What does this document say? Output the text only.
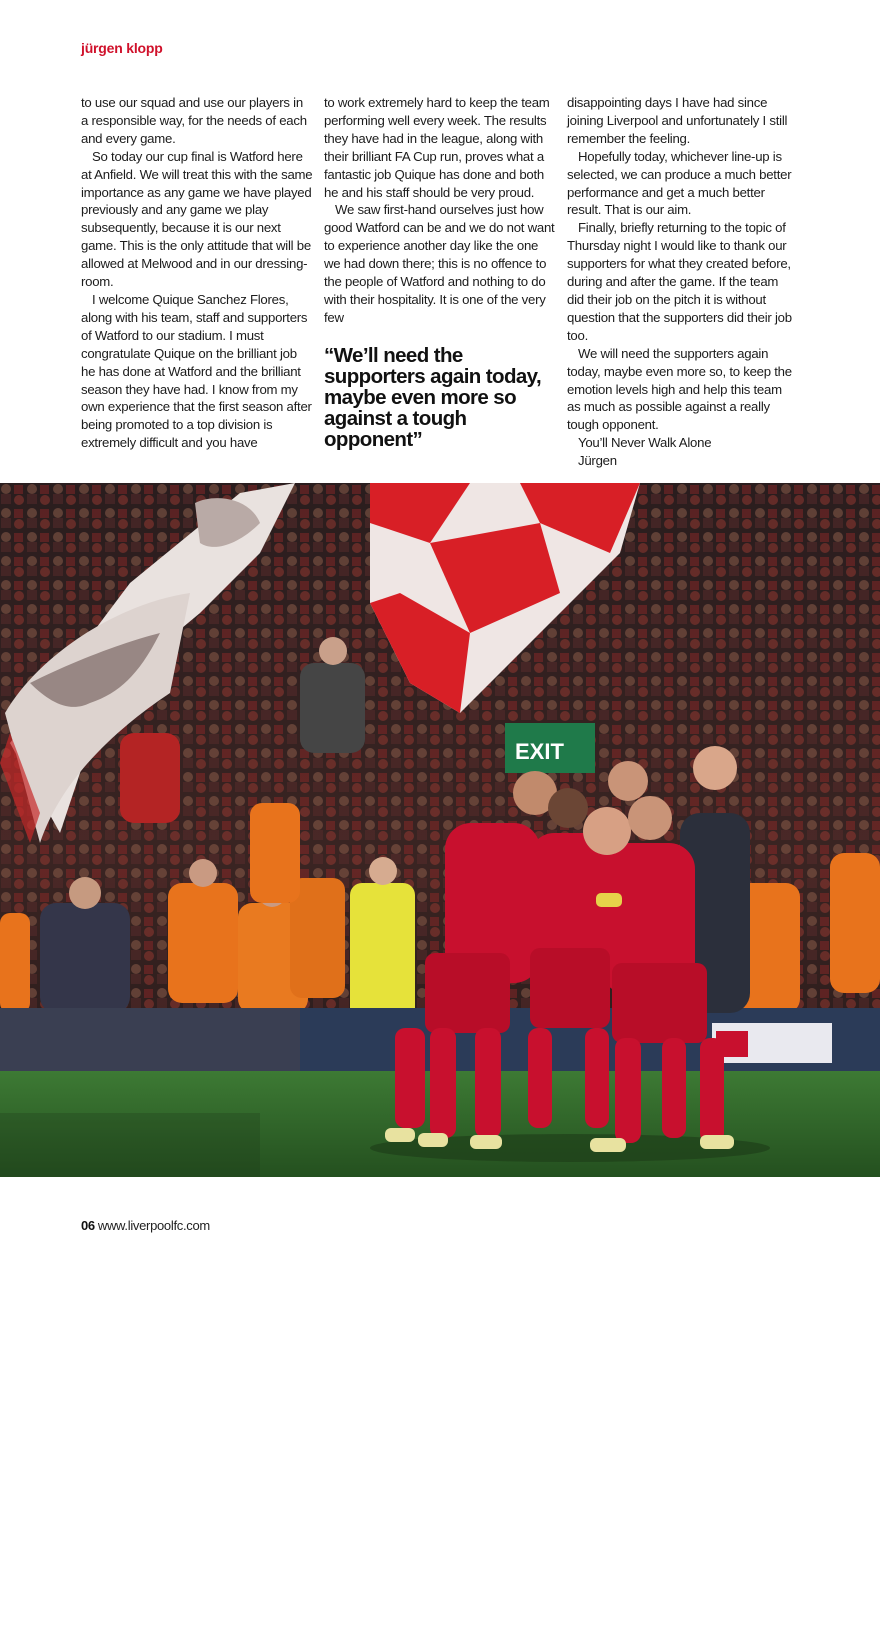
jürgen klopp

to use our squad and use our players in a responsible way, for the needs of each and every game.

So today our cup final is Watford here at Anfield. We will treat this with the same importance as any game we have played previously and any game we play subsequently, because it is our next game. This is the only attitude that will be allowed at Melwood and in our dressing-room.

I welcome Quique Sanchez Flores, along with his team, staff and supporters of Watford to our stadium. I must congratulate Quique on the brilliant job he has done at Watford and the brilliant season they have had. I know from my own experience that the first season after being promoted to a top division is extremely difficult and you have

to work extremely hard to keep the team performing well every week. The results they have had in the league, along with their brilliant FA Cup run, proves what a fantastic job Quique has done and both he and his staff should be very proud.

We saw first-hand ourselves just how good Watford can be and we do not want to experience another day like the one we had down there; this is no offence to the people of Watford and nothing to do with their hospitality. It is one of the very few

“We’ll need the supporters again today, maybe even more so against a tough opponent”

disappointing days I have had since joining Liverpool and unfortunately I still remember the feeling.

Hopefully today, whichever line-up is selected, we can produce a much better performance and get a much better result. That is our aim.

Finally, briefly returning to the topic of Thursday night I would like to thank our supporters for what they created before, during and after the game. If the team did their job on the pitch it is without question that the supporters did their job too.

We will need the supporters again today, maybe even more so, to keep the emotion levels high and help this team as much as possible against a really tough opponent.

You’ll Never Walk Alone

Jürgen

EXIT
Both team and fans were magnificent last Thursday
06 www.liverpoolfc.com
